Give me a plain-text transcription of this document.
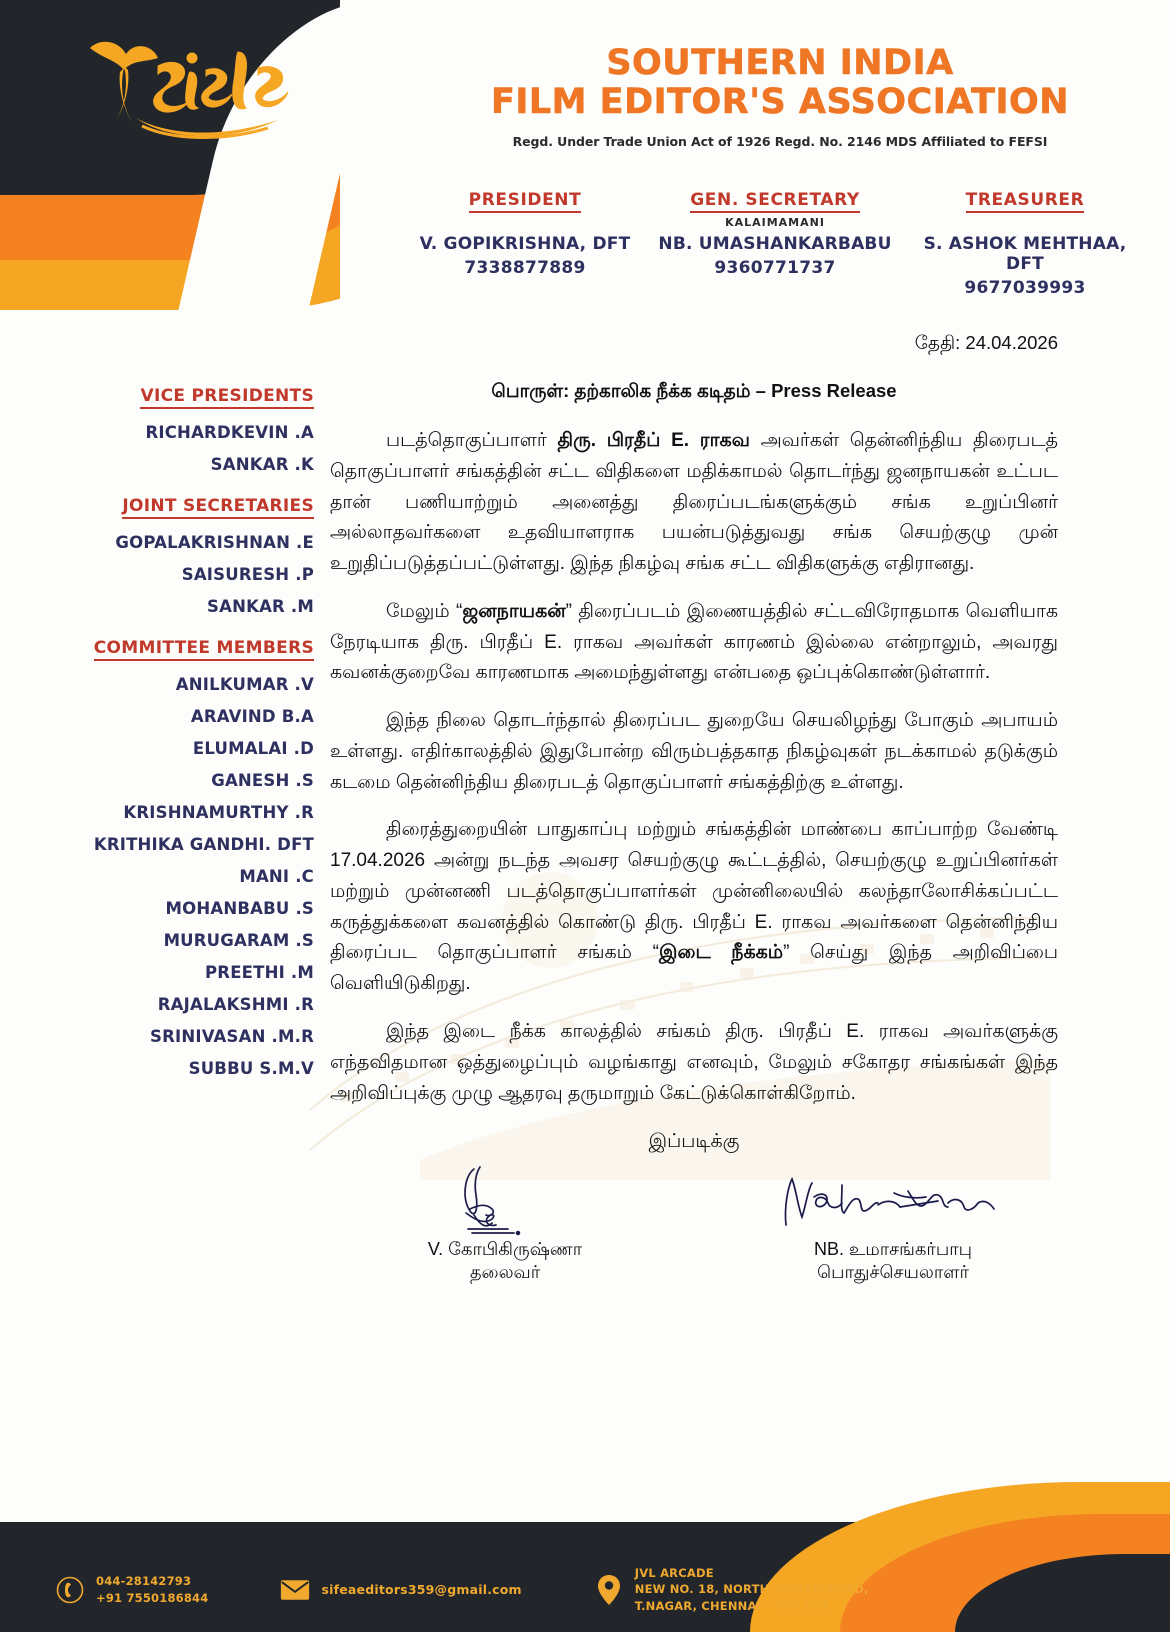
SOUTHERN INDIA
FILM EDITOR'S ASSOCIATION
Regd. Under Trade Union Act of 1926 Regd. No. 2146 MDS Affiliated to FEFSI
PRESIDENT
V. GOPIKRISHNA, DFT
7338877889
GEN. SECRETARY
KALAIMAMANI
NB. UMASHANKARBABU
9360771737
TREASURER
S. ASHOK MEHTHAA, DFT
9677039993
VICE PRESIDENTS
RICHARDKEVIN .A
SANKAR .K
JOINT SECRETARIES
GOPALAKRISHNAN .E
SAISURESH .P
SANKAR .M
COMMITTEE MEMBERS
ANILKUMAR .V
ARAVIND B.A
ELUMALAI .D
GANESH .S
KRISHNAMURTHY .R
KRITHIKA GANDHI. DFT
MANI .C
MOHANBABU .S
MURUGARAM .S
PREETHI .M
RAJALAKSHMI .R
SRINIVASAN .M.R
SUBBU S.M.V
தேதி: 24.04.2026
பொருள்: தற்காலிக நீக்க கடிதம் – Press Release
படத்தொகுப்பாளர் திரு. பிரதீப் E. ராகவ அவர்கள் தென்னிந்திய திரைபடத் தொகுப்பாளர் சங்கத்தின் சட்ட விதிகளை மதிக்காமல் தொடர்ந்து ஜனநாயகன் உட்பட தான் பணியாற்றும் அனைத்து திரைப்படங்களுக்கும் சங்க உறுப்பினர் அல்லாதவர்களை உதவியாளராக பயன்படுத்துவது சங்க செயற்குழு முன் உறுதிப்படுத்தப்பட்டுள்ளது. இந்த நிகழ்வு சங்க சட்ட விதிகளுக்கு எதிரானது.
மேலும் “ஜனநாயகன்” திரைப்படம் இணையத்தில் சட்டவிரோதமாக வெளியாக நேரடியாக திரு. பிரதீப் E. ராகவ அவர்கள் காரணம் இல்லை என்றாலும், அவரது கவனக்குறைவே காரணமாக அமைந்துள்ளது என்பதை ஒப்புக்கொண்டுள்ளார்.
இந்த நிலை தொடர்ந்தால் திரைப்பட துறையே செயலிழந்து போகும் அபாயம் உள்ளது. எதிர்காலத்தில் இதுபோன்ற விரும்பத்தகாத நிகழ்வுகள் நடக்காமல் தடுக்கும் கடமை தென்னிந்திய திரைபடத் தொகுப்பாளர் சங்கத்திற்கு உள்ளது.
திரைத்துறையின் பாதுகாப்பு மற்றும் சங்கத்தின் மாண்பை காப்பாற்ற வேண்டி 17.04.2026 அன்று நடந்த அவசர செயற்குழு கூட்டத்தில், செயற்குழு உறுப்பினர்கள் மற்றும் முன்னணி படத்தொகுப்பாளர்கள் முன்னிலையில் கலந்தாலோசிக்கப்பட்ட கருத்துக்களை கவனத்தில் கொண்டு திரு. பிரதீப் E. ராகவ அவர்களை தென்னிந்திய திரைப்பட தொகுப்பாளர் சங்கம் “இடை நீக்கம்” செய்து இந்த அறிவிப்பை வெளியிடுகிறது.
இந்த இடை நீக்க காலத்தில் சங்கம் திரு. பிரதீப் E. ராகவ அவர்களுக்கு எந்தவிதமான ஒத்துழைப்பும் வழங்காது எனவும், மேலும் சகோதர சங்கங்கள் இந்த அறிவிப்புக்கு முழு ஆதரவு தருமாறும் கேட்டுக்கொள்கிறோம்.
இப்படிக்கு
V. கோபிகிருஷ்ணா
தலைவர்
NB. உமாசங்கர்பாபு
பொதுச்செயலாளர்
044-28142793
+91 7550186844
sifeaeditors359@gmail.com
JVL ARCADE
NEW NO. 18, NORTH USMAN ROAD,
T.NAGAR, CHENNAI – 600 017
